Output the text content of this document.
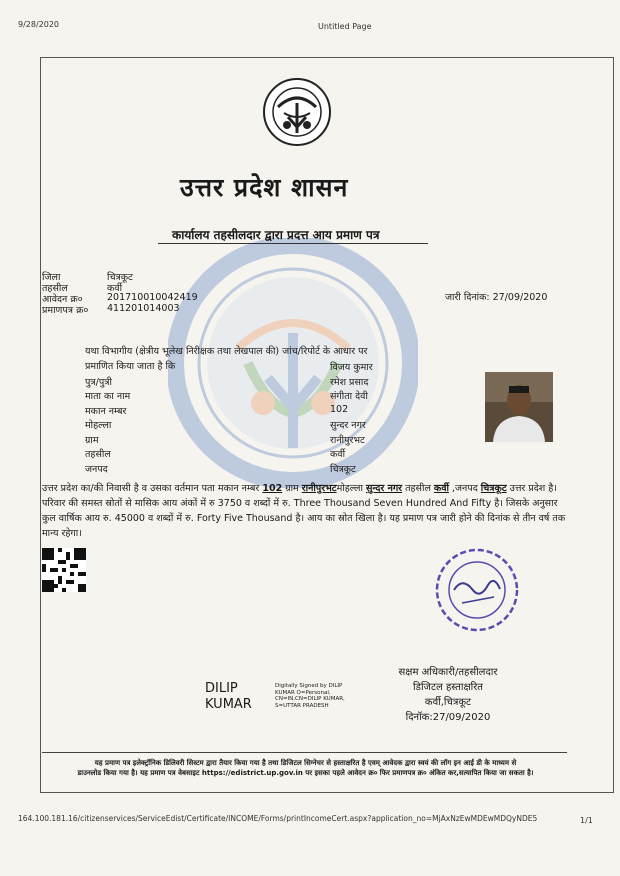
9/28/2020	Untitled Page
उत्तर प्रदेश शासन
कार्यालय तहसीलदार द्वारा प्रदत्त आय प्रमाण पत्र
जिला	चित्रकूट
तहसील	कर्वी
आवेदन क्र०	201710010042419
प्रमाणपत्र क्र०	411201014003
जारी दिनांक: 27/09/2020
यथा विभागीय (क्षेत्रीय भूलेख निरीक्षक तथा लेखपाल की) जांच/रिपोर्ट के आधार पर
प्रमाणित किया जाता है कि	विजय कुमार
पुत्र/पुत्री	रमेश प्रसाद
माता का नाम	संगीता देवी
मकान नम्बर	102
मोहल्ला	सुन्दर नगर
ग्राम	रानीपुरभट
तहसील	कर्वी
जनपद	चित्रकूट
उत्तर प्रदेश का/की निवासी है व उसका वर्तमान पता मकान नम्बर 102 ग्राम रानीपुरभटमोहल्ला सुन्दर नगर तहसील कर्वी ,जनपद चित्रकूट उत्तर प्रदेश है। परिवार की समस्त स्रोतों से मासिक आय अंकों में रु 3750 व शब्दों में रु. Three Thousand Seven Hundred And Fifty है। जिसके अनुसार कुल वार्षिक आय रु. 45000 व शब्दों में रु. Forty Five Thousand है। आय का स्रोत खिला है। यह प्रमाण पत्र जारी होने की दिनांक से तीन वर्ष तक मान्य रहेगा।
DILIP
KUMAR
Digitally Signed by DILIP
KUMAR O=Personal,
CN=IN,CN=DILIP KUMAR,
S=UTTAR PRADESH
सक्षम अधिकारी/तहसीलदार
डिजिटल हस्ताक्षरित
कर्वी,चित्रकूट
दिनॉक:27/09/2020
यह प्रमाण पत्र इलेक्ट्रॉनिक डिलिवरी सिस्टम द्वारा तैयार किया गया है तथा डिजिटल सिग्नेचर से हस्ताक्षरित है एवम् आवेदक द्वारा स्वयं की लॉग इन आई डी के माध्यम से
डाउनलोड किया गया है। यह प्रमाण पत्र वेबसाइट https://edistrict.up.gov.in पर इसका पहले आवेदन क्र० फिर प्रमाणपत्र क्र० अंकित कर,सत्यापित किया जा सकता है।
164.100.181.16/citizenservices/ServiceEdist/Certificate/INCOME/Forms/printIncomeCert.aspx?application_no=MjAxNzEwMDEwMDQyNDE5	1/1
